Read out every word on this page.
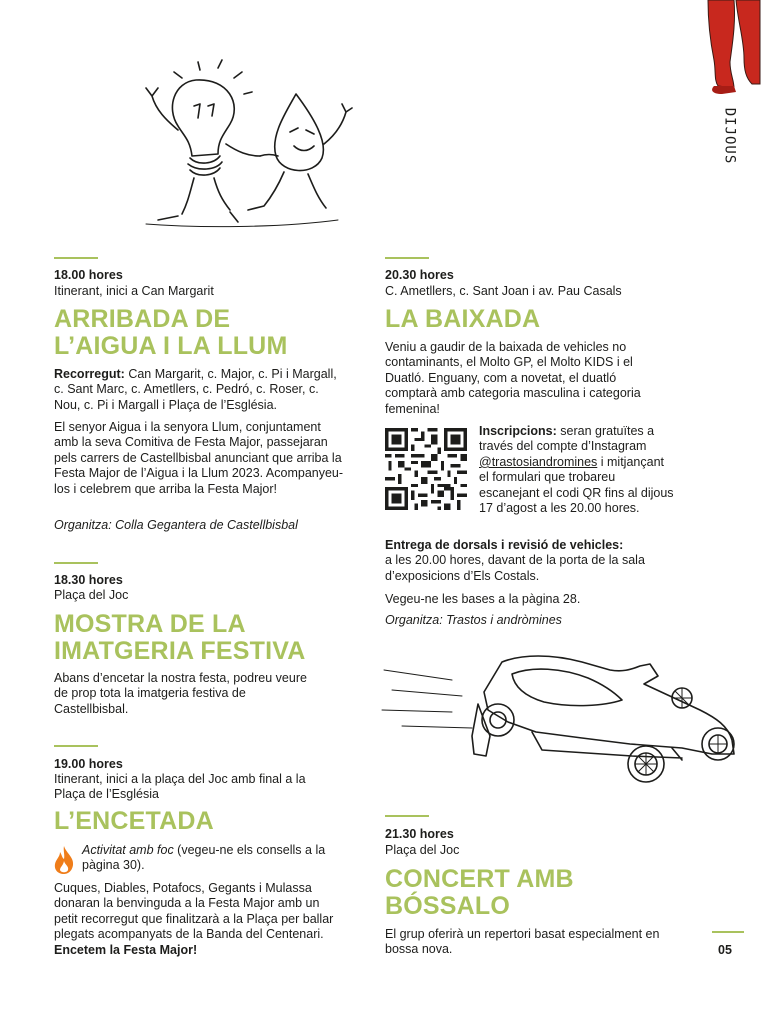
DIJOUS
18.00 hores
Itinerant, inici a Can Margarit
ARRIBADA DE
L’AIGUA I LA LLUM

Recorregut: Can Margarit, c. Major, c. Pi i Margall, c. Sant Marc, c. Ametllers, c. Pedró, c. Roser, c. Nou, c. Pi i Margall i Plaça de l’Església.

El senyor Aigua i la senyora Llum, conjuntament amb la seva Comitiva de Festa Major, passejaran pels carrers de Castellbisbal anunciant que arriba la Festa Major de l’Aigua i la Llum 2023. Acompanyeu-los i celebrem que arriba la Festa Major!

Organitza: Colla Gegantera de Castellbisbal

18.30 hores
Plaça del Joc
MOSTRA DE LA
IMATGERIA FESTIVA

Abans d’encetar la nostra festa, podreu veure de prop tota la imatgeria festiva de Castellbisbal.

19.00 hores
Itinerant, inici a la plaça del Joc amb final a la Plaça de l’Església
L’ENCETADA

Activitat amb foc (vegeu-ne els consells a la pàgina 30).

Cuques, Diables, Potafocs, Gegants i Mulassa donaran la benvinguda a la Festa Major amb un petit recorregut que finalitzarà a la Plaça per ballar plegats acompanyats de la Banda del Centenari. Encetem la Festa Major!

20.30 hores
C. Ametllers, c. Sant Joan i av. Pau Casals
LA BAIXADA

Veniu a gaudir de la baixada de vehicles no contaminants, el Molto GP, el Molto KIDS i el Duatló. Enguany, com a novetat, el duatló comptarà amb categoria masculina i categoria femenina!

Inscripcions: seran gratuïtes a través del compte d’Instagram @trastosiandromines i mitjançant el formulari que trobareu escanejant el codi QR fins al dijous 17 d’agost a les 20.00 hores.

Entrega de dorsals i revisió de vehicles:
a les 20.00 hores, davant de la porta de la sala d’exposicions d’Els Costals.

Vegeu-ne les bases a la pàgina 28.

Organitza: Trastos i andròmines

21.30 hores
Plaça del Joc
CONCERT AMB
BÓSSALO

El grup oferirà un repertori basat especialment en bossa nova.	05
